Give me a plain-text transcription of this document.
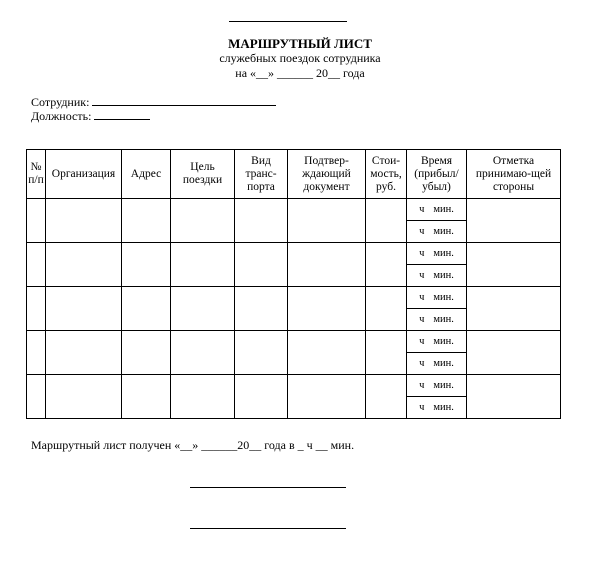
МАРШРУТНЫЙ ЛИСТ
служебных поездок сотрудника
на «__» ______ 20__ года
Сотрудник:
Должность:
№ п/п	Организация	Адрес	Цель поездки	Вид транс-порта	Подтвер-ждающий документ	Стои-мость, руб.	Время (прибыл/ убыл)	Отметка принимаю-щей стороны
							ч мин.	
							ч мин.	
							ч мин.	
							ч мин.	
							ч мин.	
							ч мин.	
							ч мин.	
							ч мин.	
							ч мин.	
							ч мин.	
Маршрутный лист получен «__» ______20__ года в _ ч __ мин.
